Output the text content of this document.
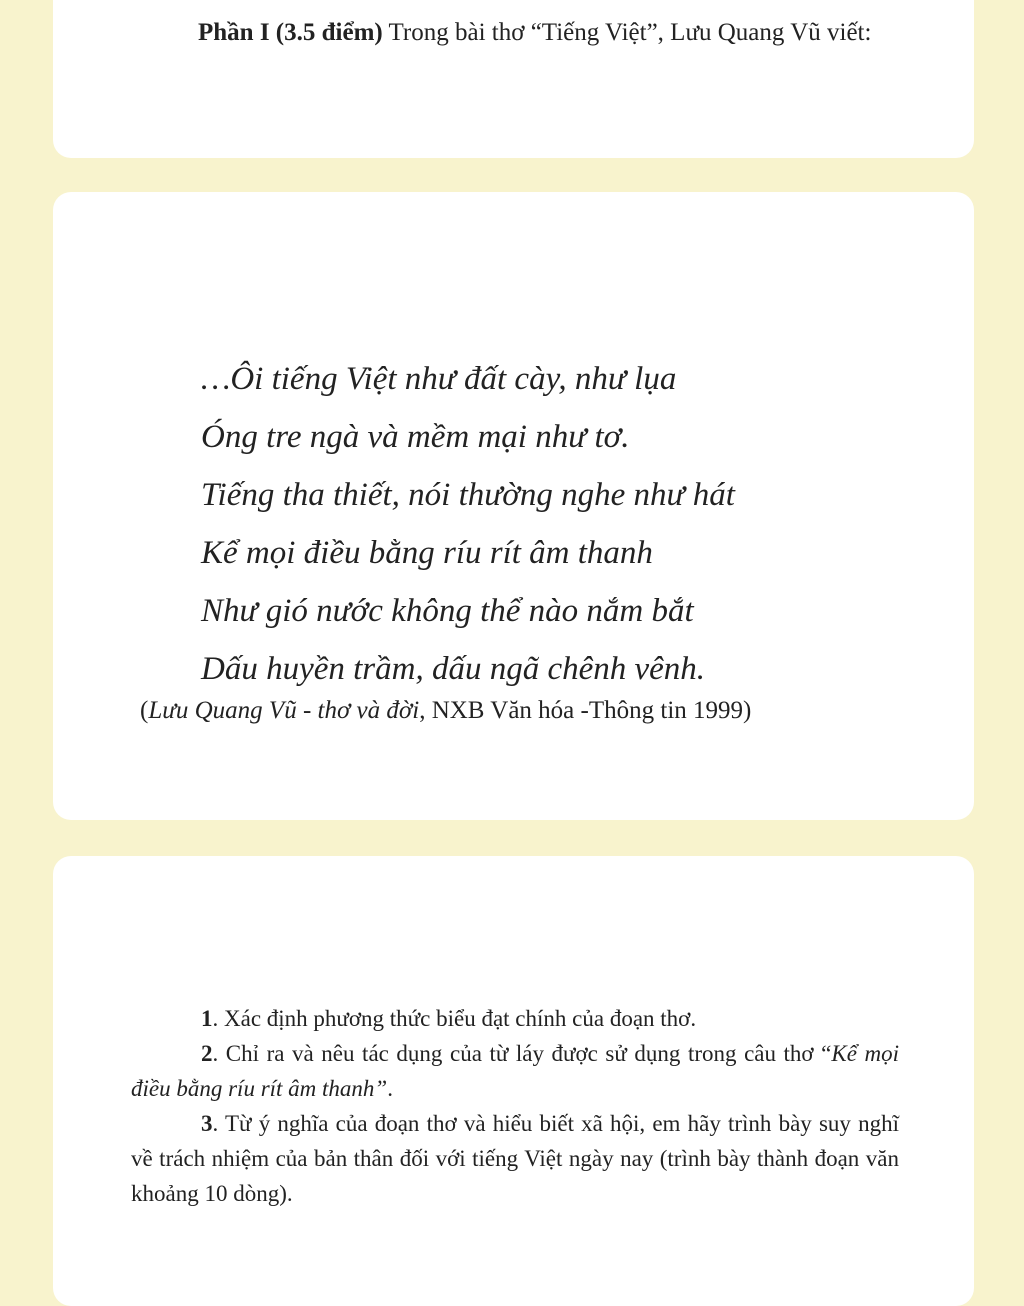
Phần I (3.5 điểm) Trong bài thơ “Tiếng Việt”, Lưu Quang Vũ viết:
…Ôi tiếng Việt như đất cày, như lụa
Óng tre ngà và mềm mại như tơ.
Tiếng tha thiết, nói thường nghe như hát
Kể mọi điều bằng ríu rít âm thanh
Như gió nước không thể nào nắm bắt
Dấu huyền trầm, dấu ngã chênh vênh.
(Lưu Quang Vũ - thơ và đời, NXB Văn hóa -Thông tin 1999)

1. Xác định phương thức biểu đạt chính của đoạn thơ.

2. Chỉ ra và nêu tác dụng của từ láy được sử dụng trong câu thơ “Kể mọi điều bằng ríu rít âm thanh”.

3. Từ ý nghĩa của đoạn thơ và hiểu biết xã hội, em hãy trình bày suy nghĩ về trách nhiệm của bản thân đối với tiếng Việt ngày nay (trình bày thành đoạn văn khoảng 10 dòng).
